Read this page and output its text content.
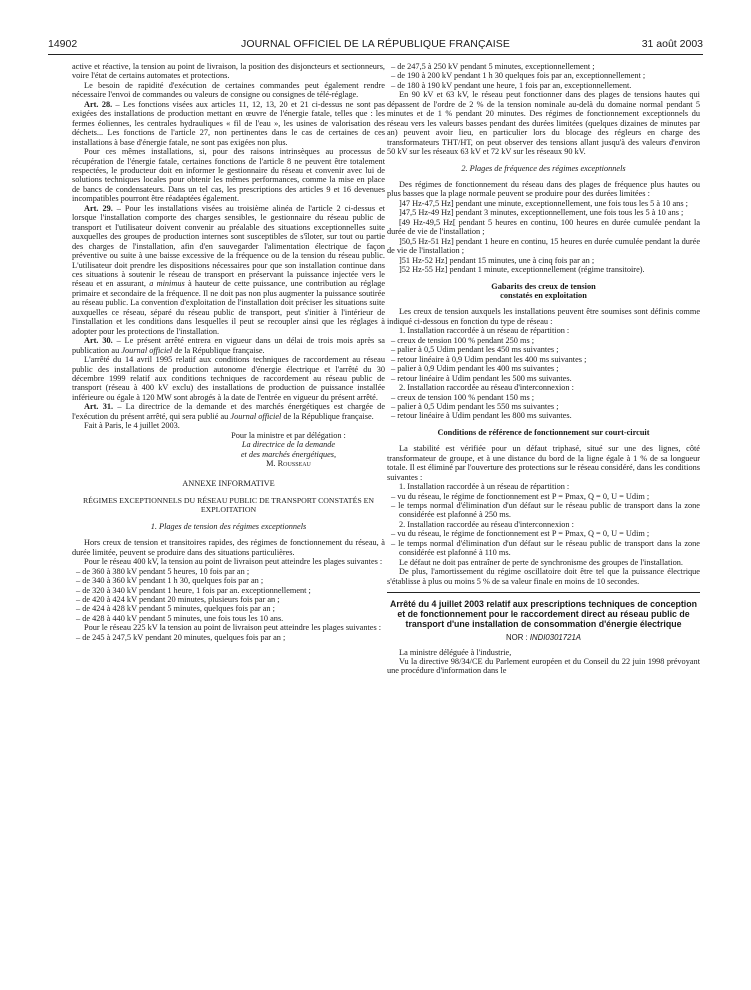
14902	JOURNAL OFFICIEL DE LA RÉPUBLIQUE FRANÇAISE	31 août 2003

active et réactive, la tension au point de livraison, la position des disjoncteurs et sectionneurs, voire l'état de certains automates et protections.

Le besoin de rapidité d'exécution de certaines commandes peut également rendre nécessaire l'envoi de commandes ou valeurs de consigne ou consignes de télé-réglage.

Art. 28. – Les fonctions visées aux articles 11, 12, 13, 20 et 21 ci-dessus ne sont pas exigées des installations de production mettant en œuvre de l'énergie fatale, telles que : les fermes éoliennes, les centrales hydrauliques « fil de l'eau », les usines de valorisation des déchets... Les fonctions de l'article 27, non pertinentes dans le cas de certaines de ces installations à base d'énergie fatale, ne sont pas exigées non plus.

Pour ces mêmes installations, si, pour des raisons intrinsèques au processus de récupération de l'énergie fatale, certaines fonctions de l'article 8 ne peuvent être totalement respectées, le producteur doit en informer le gestionnaire du réseau et convenir avec lui de solutions techniques locales pour obtenir les mêmes performances, comme la mise en place de bancs de condensateurs. Dans un tel cas, les prescriptions des articles 9 et 16 devenues incompatibles pourront être réadaptées également.

Art. 29. – Pour les installations visées au troisième alinéa de l'article 2 ci-dessus et lorsque l'installation comporte des charges sensibles, le gestionnaire du réseau public de transport et l'utilisateur doivent convenir au préalable des situations exceptionnelles suite auxquelles des groupes de production internes sont susceptibles de s'îloter, sur tout ou partie des charges de l'installation, afin d'en sauvegarder l'alimentation électrique de façon préventive ou suite à une baisse excessive de la fréquence ou de la tension du réseau public. L'utilisateur doit prendre les dispositions nécessaires pour que son installation continue dans ces situations à soutenir le réseau de transport en préservant la puissance injectée vers le réseau et en assurant, a minimus à hauteur de cette puissance, une contribution au réglage primaire et secondaire de la fréquence. Il ne doit pas non plus augmenter la puissance soutirée au réseau public. La convention d'exploitation de l'installation doit préciser les situations suite auxquelles ce réseau, séparé du réseau public de transport, peut s'initier à l'intérieur de l'installation et les conditions dans lesquelles il peut se recoupler ainsi que les réglages à adopter pour les protections de l'installation.

Art. 30. – Le présent arrêté entrera en vigueur dans un délai de trois mois après sa publication au Journal officiel de la République française.

L'arrêté du 14 avril 1995 relatif aux conditions techniques de raccordement au réseau public des installations de production autonome d'énergie électrique et l'arrêté du 30 décembre 1999 relatif aux conditions techniques de raccordement au réseau public de transport (réseau à 400 kV exclu) des installations de production de puissance installée inférieure ou égale à 120 MW sont abrogés à la date de l'entrée en vigueur du présent arrêté.

Art. 31. – La directrice de la demande et des marchés énergétiques est chargée de l'exécution du présent arrêté, qui sera publié au Journal officiel de la République française.

Fait à Paris, le 4 juillet 2003.

Pour la ministre et par délégation :

La directrice de la demande

et des marchés énergétiques,

M. Rousseau

ANNEXE INFORMATIVE

RÉGIMES EXCEPTIONNELS DU RÉSEAU PUBLIC DE TRANSPORT CONSTATÉS EN EXPLOITATION

1. Plages de tension des régimes exceptionnels

Hors creux de tension et transitoires rapides, des régimes de fonctionnement du réseau, à durée limitée, peuvent se produire dans des situations particulières.

Pour le réseau 400 kV, la tension au point de livraison peut atteindre les plages suivantes :

– de 360 à 380 kV pendant 5 heures, 10 fois par an ;

– de 340 à 360 kV pendant 1 h 30, quelques fois par an ;

– de 320 à 340 kV pendant 1 heure, 1 fois par an. exceptionnellement ;

– de 420 à 424 kV pendant 20 minutes, plusieurs fois par an ;

– de 424 à 428 kV pendant 5 minutes, quelques fois par an ;

– de 428 à 440 kV pendant 5 minutes, une fois tous les 10 ans.

Pour le réseau 225 kV la tension au point de livraison peut atteindre les plages suivantes :

– de 245 à 247,5 kV pendant 20 minutes, quelques fois par an ;

– de 247,5 à 250 kV pendant 5 minutes, exceptionnellement ;

– de 190 à 200 kV pendant 1 h 30 quelques fois par an, exceptionnellement ;

– de 180 à 190 kV pendant une heure, 1 fois par an, exceptionnellement.

En 90 kV et 63 kV, le réseau peut fonctionner dans des plages de tensions hautes qui dépassent de l'ordre de 2 % de la tension nominale au-delà du domaine normal pendant 5 minutes et de 1 % pendant 20 minutes. Des régimes de fonctionnement exceptionnels du réseau vers les valeurs basses pendant des durées limitées (quelques dizaines de minutes par an) peuvent avoir lieu, en particulier lors du blocage des régleurs en charge des transformateurs THT/HT, on peut observer des tensions allant jusqu'à des valeurs d'environ 50 kV sur les réseaux 63 kV et 72 kV sur les réseaux 90 kV.

2. Plages de fréquence des régimes exceptionnels

Des régimes de fonctionnement du réseau dans des plages de fréquence plus hautes ou plus basses que la plage normale peuvent se produire pour des durées limitées :

]47 Hz-47,5 Hz] pendant une minute, exceptionnellement, une fois tous les 5 à 10 ans ;

]47,5 Hz-49 Hz] pendant 3 minutes, exceptionnellement, une fois tous les 5 à 10 ans ;

[49 Hz-49,5 Hz[ pendant 5 heures en continu, 100 heures en durée cumulée pendant la durée de vie de l'installation ;

]50,5 Hz-51 Hz] pendant 1 heure en continu, 15 heures en durée cumulée pendant la durée de vie de l'installation ;

]51 Hz-52 Hz] pendant 15 minutes, une à cinq fois par an ;

]52 Hz-55 Hz] pendant 1 minute, exceptionnellement (régime transitoire).

Gabarits des creux de tension

constatés en exploitation

Les creux de tension auxquels les installations peuvent être soumises sont définis comme indiqué ci-dessous en fonction du type de réseau :

1. Installation raccordée à un réseau de répartition :

– creux de tension 100 % pendant 250 ms ;

– palier à 0,5 Udim pendant les 450 ms suivantes ;

– retour linéaire à 0,9 Udim pendant les 400 ms suivantes ;

– palier à 0,9 Udim pendant les 400 ms suivantes ;

– retour linéaire à Udim pendant les 500 ms suivantes.

2. Installation raccordée au réseau d'interconnexion :

– creux de tension 100 % pendant 150 ms ;

– palier à 0,5 Udim pendant les 550 ms suivantes ;

– retour linéaire à Udim pendant les 800 ms suivantes.

Conditions de référence de fonctionnement sur court-circuit

La stabilité est vérifiée pour un défaut triphasé, situé sur une des lignes, côté transformateur de groupe, et à une distance du bord de la ligne égale à 1 % de sa longueur totale. Il est éliminé par l'ouverture des protections sur le réseau considéré, dans les conditions suivantes :

1. Installation raccordée à un réseau de répartition :

– vu du réseau, le régime de fonctionnement est P = Pmax, Q = 0, U = Udim ;

– le temps normal d'élimination d'un défaut sur le réseau public de transport dans la zone considérée est plafonné à 250 ms.

2. Installation raccordée au réseau d'interconnexion :

– vu du réseau, le régime de fonctionnement est P = Pmax, Q = 0, U = Udim ;

– le temps normal d'élimination d'un défaut sur le réseau public de transport dans la zone considérée est plafonné à 110 ms.

Le défaut ne doit pas entraîner de perte de synchronisme des groupes de l'installation.

De plus, l'amortissement du régime oscillatoire doit être tel que la puissance électrique s'établisse à plus ou moins 5 % de sa valeur finale en moins de 10 secondes.

Arrêté du 4 juillet 2003 relatif aux prescriptions techniques de conception et de fonctionnement pour le raccordement direct au réseau public de transport d'une installation de consommation d'énergie électrique

NOR : INDI0301721A

La ministre déléguée à l'industrie,

Vu la directive 98/34/CE du Parlement européen et du Conseil du 22 juin 1998 prévoyant une procédure d'information dans le
